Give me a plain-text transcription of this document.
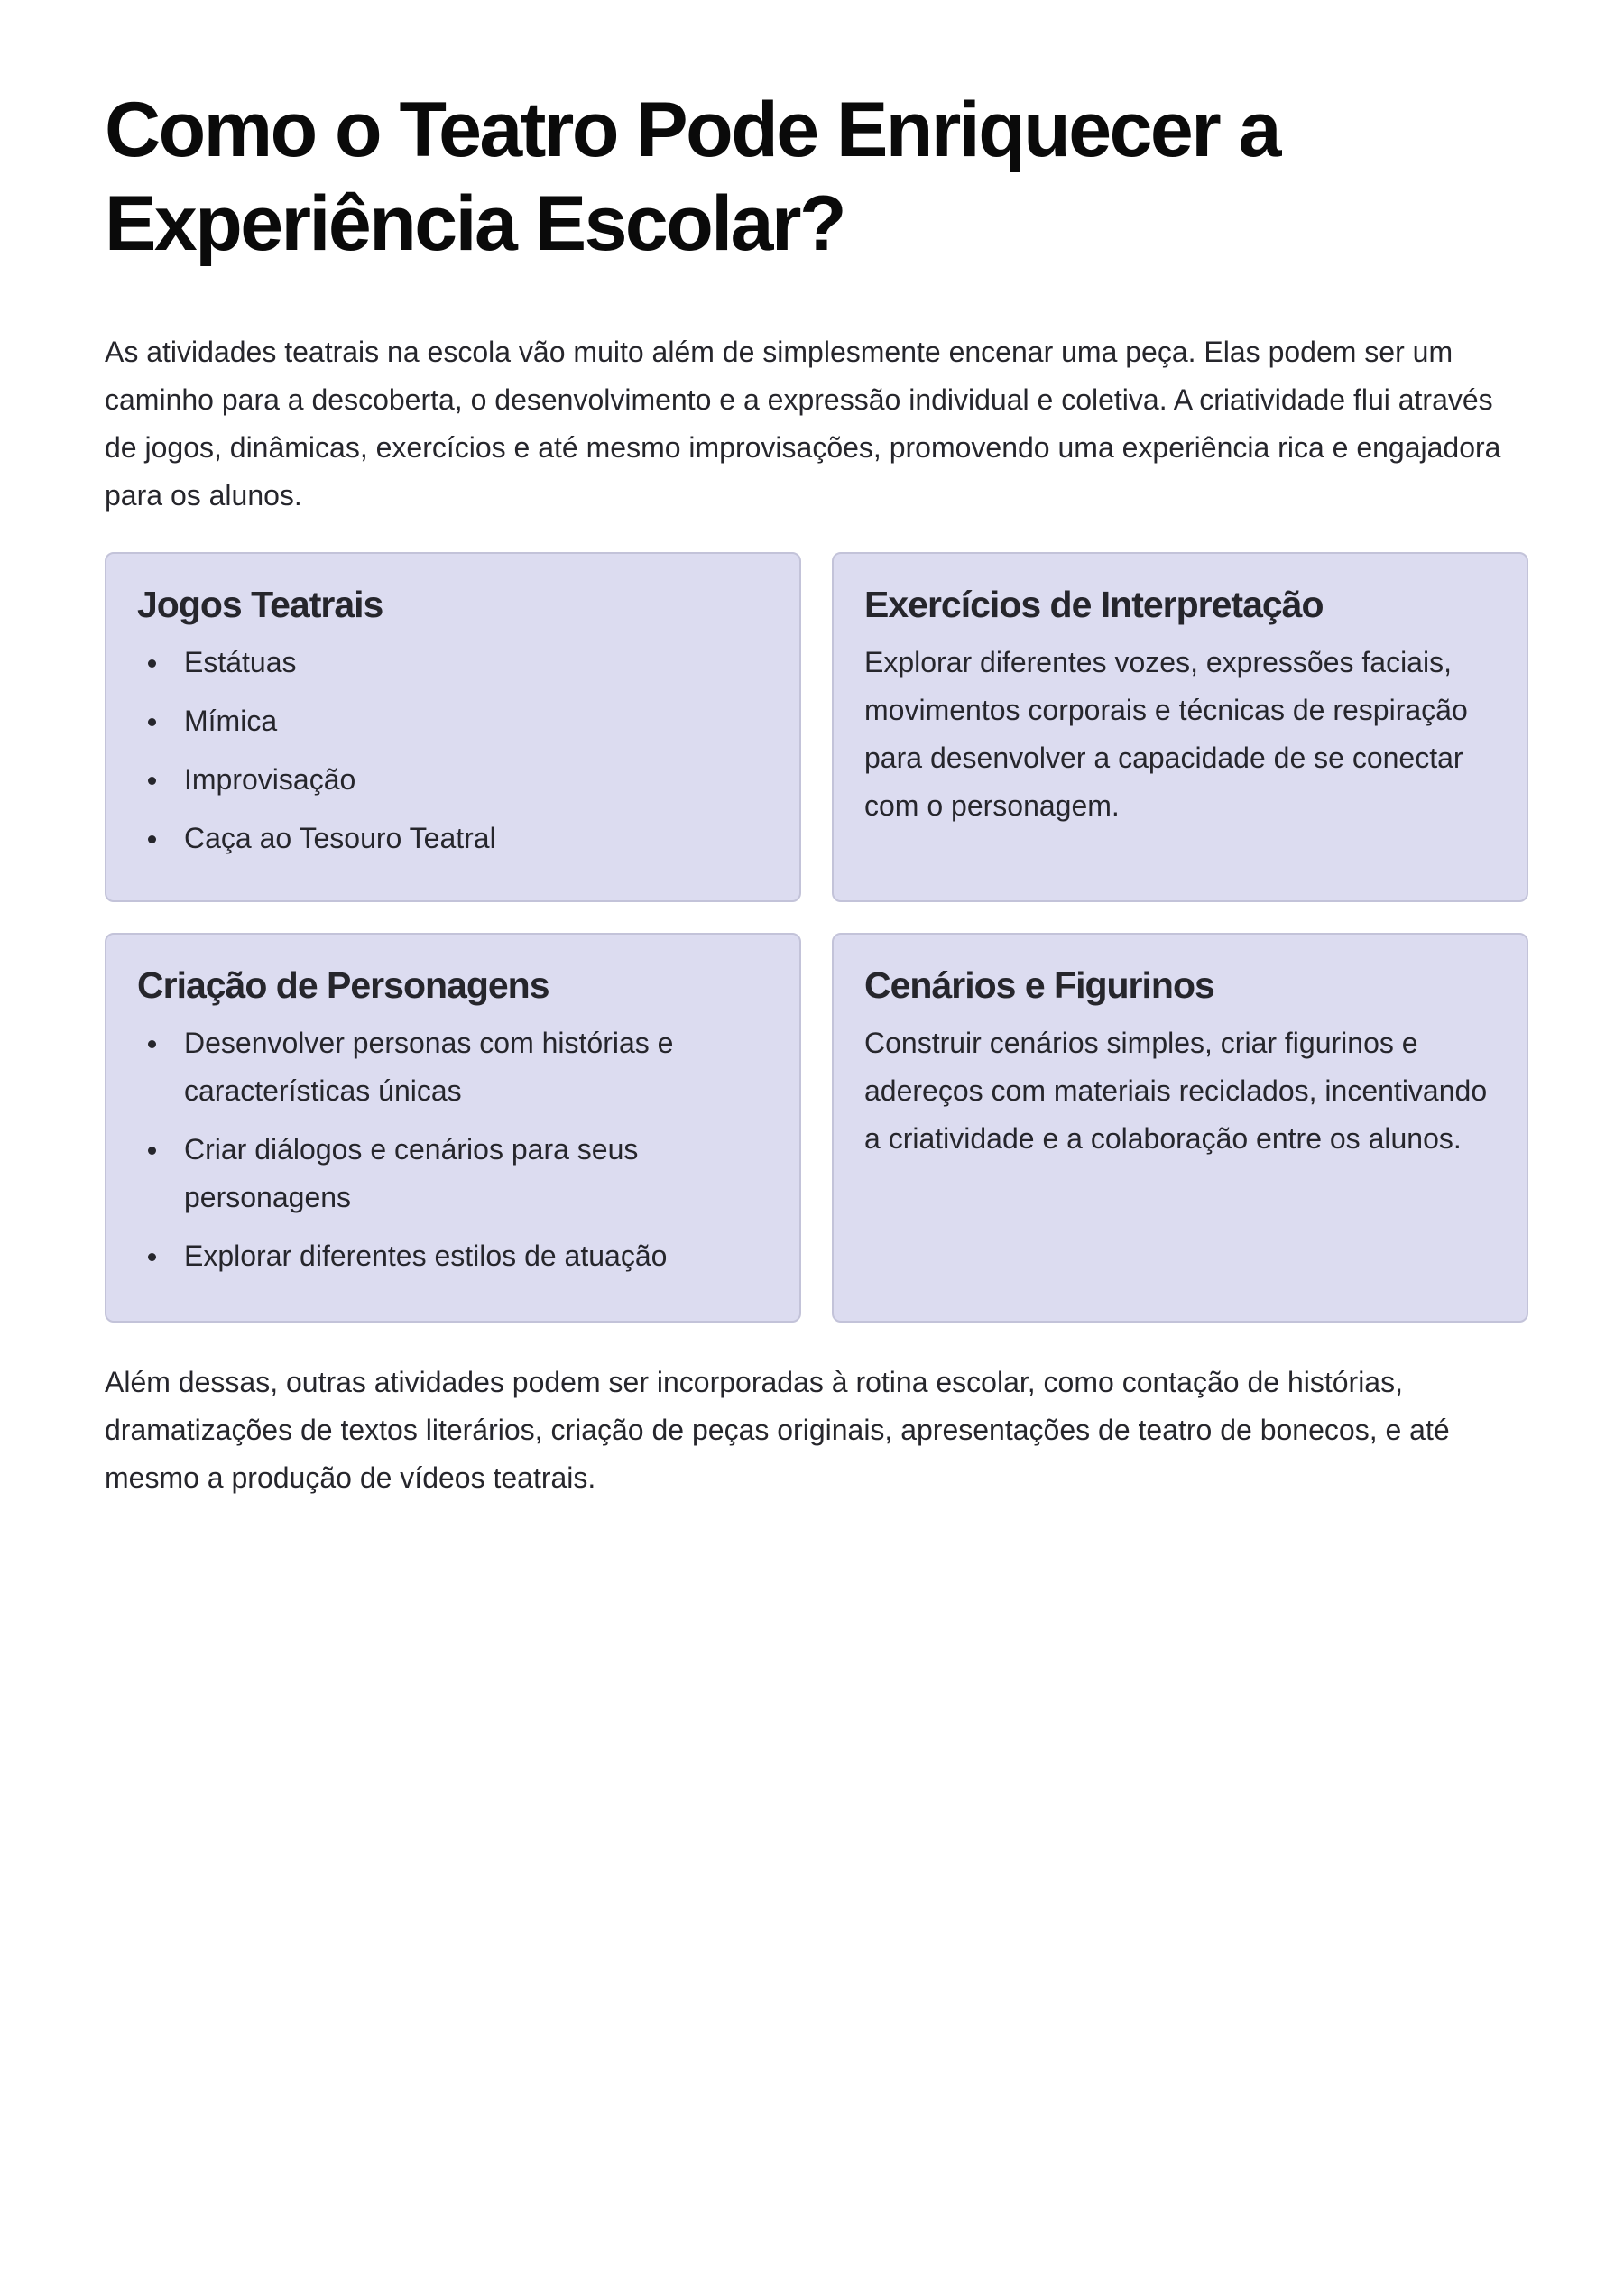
Como o Teatro Pode Enriquecer a Experiência Escolar?

As atividades teatrais na escola vão muito além de simplesmente encenar uma peça. Elas podem ser um caminho para a descoberta, o desenvolvimento e a expressão individual e coletiva. A criatividade flui através de jogos, dinâmicas, exercícios e até mesmo improvisações, promovendo uma experiência rica e engajadora para os alunos.

Jogos Teatrais
Estátuas
Mímica
Improvisação
Caça ao Tesouro Teatral
Exercícios de Interpretação

Explorar diferentes vozes, expressões faciais, movimentos corporais e técnicas de respiração para desenvolver a capacidade de se conectar com o personagem.

Criação de Personagens
Desenvolver personas com histórias e características únicas
Criar diálogos e cenários para seus personagens
Explorar diferentes estilos de atuação
Cenários e Figurinos

Construir cenários simples, criar figurinos e adereços com materiais reciclados, incentivando a criatividade e a colaboração entre os alunos.

Além dessas, outras atividades podem ser incorporadas à rotina escolar, como contação de histórias, dramatizações de textos literários, criação de peças originais, apresentações de teatro de bonecos, e até mesmo a produção de vídeos teatrais.
